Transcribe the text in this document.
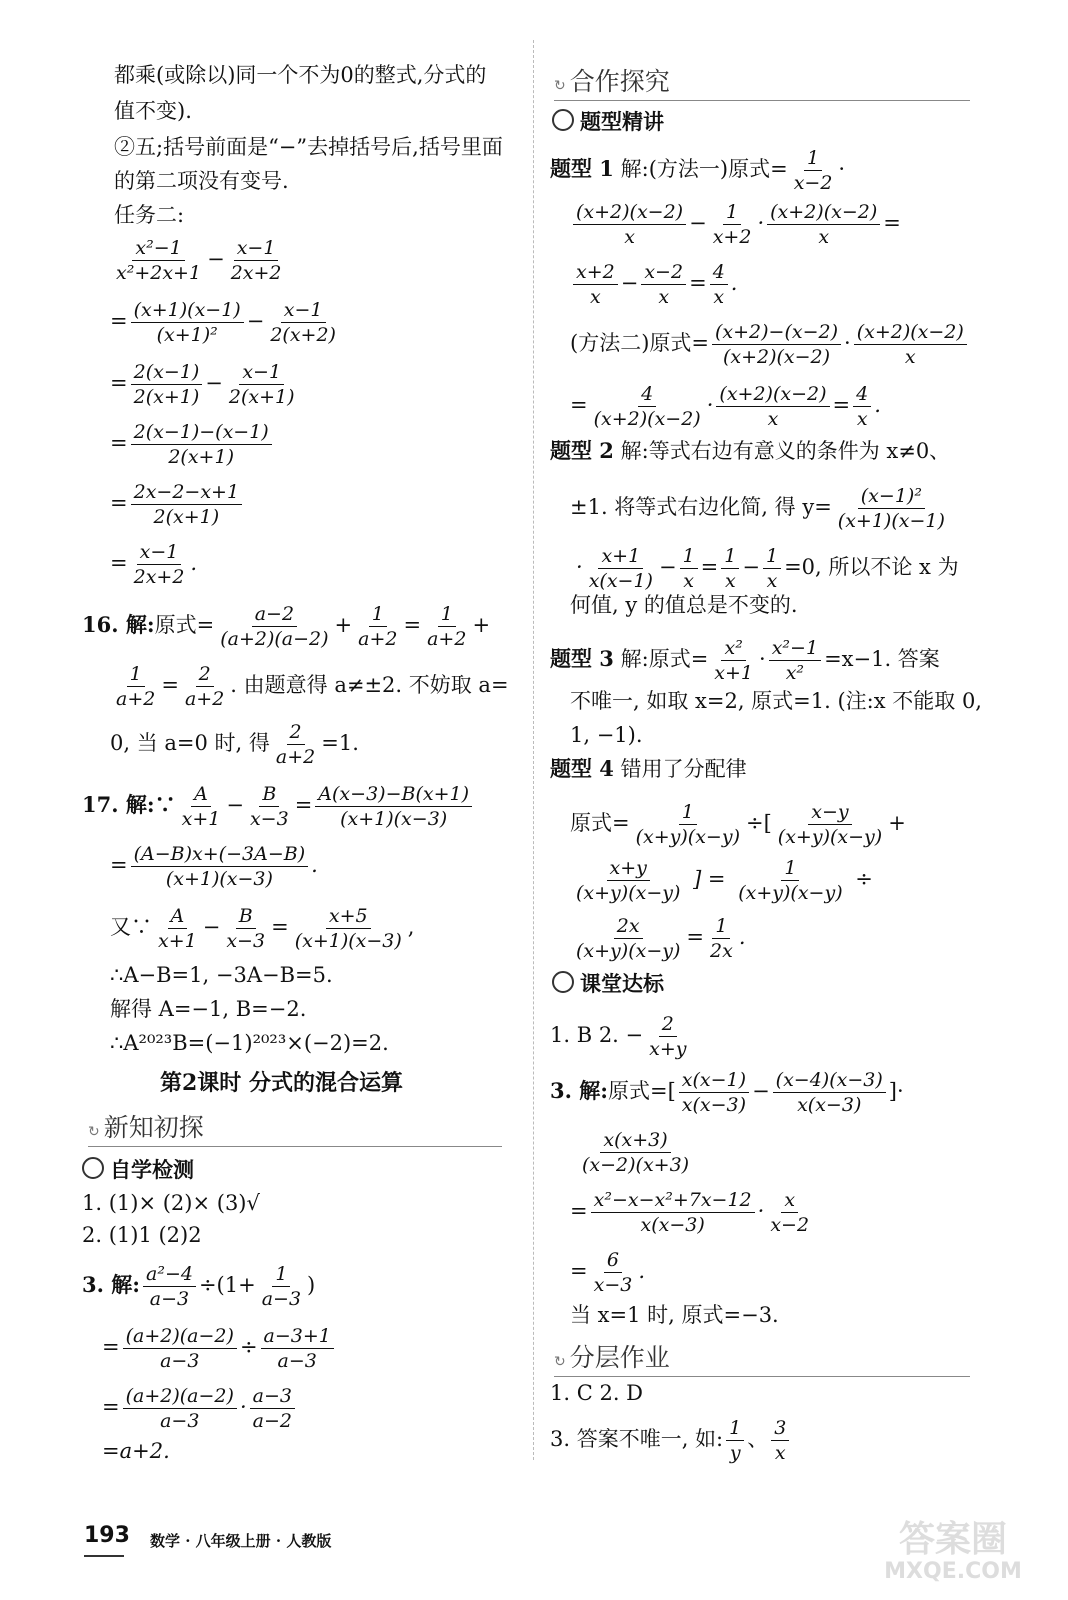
都乘(或除以)同一个不为0的整式,分式的
值不变).
②五;括号前面是“−”去掉括号后,括号里面
的第二项没有变号.
任务二:
$\frac{\text{x²−1}}{\text{x²+2x+1}} - \frac{x-1}{2x+2}$
= $\frac{(x+1)(x-1)}{\text{(x+1)²}} - \frac{x-1}{2(x+2)}$
= $\frac{2(x-1)}{2(x+1)} - \frac{x-1}{2(x+1)}$
= $\frac{2(x-1)-(x-1)}{2(x+1)}$
= $\frac{2x-2-x+1}{2(x+1)}$
= $\frac{x-1}{2x+2}$ .
16. 解:原式= $\frac{a-2}{(a+2)(a-2)} + \frac{1}{a+2} = \frac{1}{a+2}$ +
$\frac{1}{a+2} = \frac{2}{a+2}$ . 由题意得 a≠±2. 不妨取 a=
0, 当 a=0 时, 得 $\frac{2}{a+2} =1$.
17. 解:∵ $\frac{A}{x+1} - \frac{B}{x-3} = \frac{A(x-3)-B(x+1)}{(x+1)(x-3)}$
= $\frac{(A-B)x+(-3A-B)}{(x+1)(x-3)}$ .
又∵ $\frac{A}{x+1} - \frac{B}{x-3} = \frac{x+5}{(x+1)(x-3)}$ ,
∴A−B=1, −3A−B=5.
解得 A=−1, B=−2.
∴A²⁰²³B=(−1)²⁰²³×(−2)=2.
第2课时 分式的混合运算
↻ 新知初探
自学检测
1. (1)× (2)× (3)√
2. (1)1 (2)2
3. 解: $\frac{\text{a²−4}}{a-3} \div(1+ \frac{1}{a-3}$ )
= $\frac{(a+2)(a-2)}{a-3} \div \frac{a-3+1}{a-3}$
= $\frac{(a+2)(a-2)}{a-3} \cdot \frac{a-3}{a-2}$
=a+2.
↻ 合作探究
题型精讲
题型 1 解:(方法一)原式= $\frac{1}{x-2}$ ·
$\frac{(x+2)(x-2)}{x} - \frac{1}{x+2} \cdot \frac{(x+2)(x-2)}{x}$ =
$\frac{x+2}{x} - \frac{x-2}{x} = \frac{4}{x}$ .
(方法二)原式= $\frac{(x+2)-(x-2)}{(x+2)(x-2)} \cdot \frac{(x+2)(x-2)}{x}$
= $\frac{4}{(x+2)(x-2)} \cdot \frac{(x+2)(x-2)}{x} = \frac{4}{x}$ .
题型 2 解:等式右边有意义的条件为 x≠0、
±1. 将等式右边化简, 得 $y= \frac{\text{(x−1)²}}{(x+1)(x-1)}$
· $\frac{x+1}{x(x-1)} - \frac{1}{x} = \frac{1}{x} - \frac{1}{x} =0$, 所以不论 x 为
何值, y 的值总是不变的.
题型 3 解:原式= $\frac{\text{x²}}{x+1} \cdot \frac{\text{x²−1}}{\text{x²}} =x-1$. 答案
不唯一, 如取 x=2, 原式=1. (注:x 不能取 0,
1, −1).
题型 4 错用了分配律
原式= $\frac{1}{(x+y)(x-y)}$ ÷[ $\frac{x-y}{(x+y)(x-y)}$ +
$\frac{x+y}{(x+y)(x-y)}$ ] = $\frac{1}{(x+y)(x-y)}$ ÷
$\frac{2x}{(x+y)(x-y)} = \frac{1}{2x}$ .
课堂达标
1. B 2. − $\frac{2}{x+y}$
3. 解:原式=[ $\frac{x(x-1)}{x(x-3)} - \frac{(x-4)(x-3)}{x(x-3)}$ ]·
$\frac{x(x+3)}{(x-2)(x+3)}$
= $\frac{\text{x²−x−x²+7x−12}}{x(x-3)} \cdot \frac{x}{x-2}$
= $\frac{6}{x-3}$ .
当 x=1 时, 原式=−3.
↻ 分层作业
1. C 2. D
3. 答案不唯一, 如: $\frac{1}{y}$ 、 $\frac{3}{x}$
193 数学 · 八年级上册 · 人教版	答案圈
MXQE.COM
